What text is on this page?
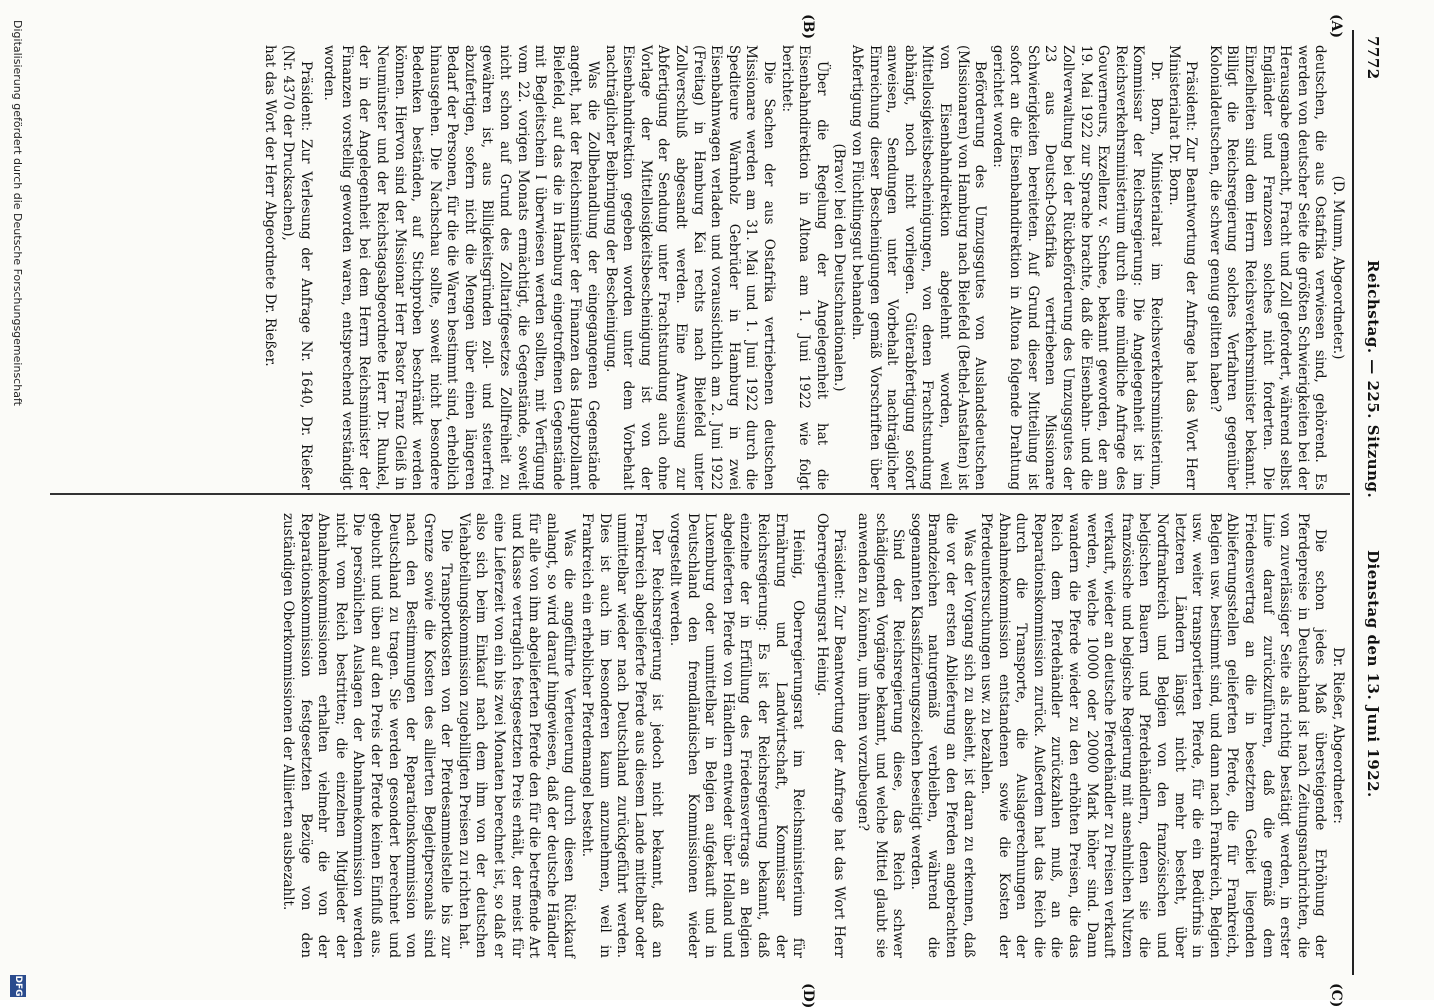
7772
Reichstag. — 225. Sitzung.
Dienstag den 13. Juni 1922.
(A)
(B)
(C)
(D)

(D. Mumm, Abgeordneter.)

deutschen, die aus Ostafrika verwiesen sind, gehörend. Es werden von deutscher Seite die größten Schwierigkeiten bei der Herausgabe gemacht, Fracht und Zoll gefordert, während selbst Engländer und Franzosen solches nicht forderten. Die Einzelheiten sind dem Herrn Reichsverkehrsminister bekannt. Billigt die Reichsregierung solches Verfahren gegenüber Kolonialdeutschen, die schwer genug gelitten haben?

Präsident: Zur Beantwortung der Anfrage hat das Wort Herr Ministerialrat Dr. Born.

Dr. Born, Ministerialrat im Reichsverkehrsministerium, Kommissar der Reichsregierung: Die Angelegenheit ist im Reichsverkehrsministerium durch eine mündliche Anfrage des Gouverneurs, Exzellenz v. Schnee, bekannt geworden, der am 19. Mai 1922 zur Sprache brachte, daß die Eisenbahn- und die Zollverwaltung bei der Rückbeförderung des Umzugsgutes der 23 aus Deutsch-Ostafrika vertriebenen Missionare Schwierigkeiten bereiteten. Auf Grund dieser Mitteilung ist sofort an die Eisenbahndirektion in Altona folgende Drahtung gerichtet worden:

Beförderung des Umzugsgutes von Auslandsdeutschen (Missionaren) von Hamburg nach Bielefeld (Bethel-Anstalten) ist von Eisenbahndirektion abgelehnt worden, weil Mittellosigkeitsbescheinigungen, von denen Frachtstundung abhängt, noch nicht vorliegen. Güterabfertigung sofort anweisen, Sendungen unter Vorbehalt nachträglicher Einreichung dieser Bescheinigungen gemäß Vorschriften über Abfertigung von Flüchtlingsgut behandeln.

(Bravo! bei den Deutschnationalen.)

Über die Regelung der Angelegenheit hat die Eisenbahndirektion in Altona am 1. Juni 1922 wie folgt berichtet:

Die Sachen der aus Ostafrika vertriebenen deutschen Missionare werden am 31. Mai und 1. Juni 1922 durch die Spediteure Warnholz Gebrüder in Hamburg in zwei Eisenbahnwagen verladen und voraussichtlich am 2. Juni 1922 (Freitag) in Hamburg Kai rechts nach Bielefeld unter Zollverschluß abgesandt werden. Eine Anweisung zur Abfertigung der Sendung unter Frachtstundung auch ohne Vorlage der Mittellosigkeitsbescheinigung ist von der Eisenbahndirektion gegeben worden unter dem Vorbehalt nachträglicher Beibringung der Bescheinigung.

Was die Zollbehandlung der eingegangenen Gegenstände angeht, hat der Reichsminister der Finanzen das Hauptzollamt Bielefeld, auf das die in Hamburg eingetroffenen Gegenstände mit Begleitschein I überwiesen werden sollten, mit Verfügung vom 22. vorigen Monats ermächtigt, die Gegenstände, soweit nicht schon auf Grund des Zolltarifgesetzes Zollfreiheit zu gewähren ist, aus Billigkeitsgründen zoll- und steuerfrei abzufertigen, sofern nicht die Mengen über einen längeren Bedarf der Personen, für die die Waren bestimmt sind, erheblich hinausgehen. Die Nachschau sollte, soweit nicht besondere Bedenken beständen, auf Stichproben beschränkt werden können. Hiervon sind der Missionar Herr Pastor Franz Gleiß in Neumünster und der Reichstagsabgeordnete Herr Dr. Runkel, der in der Angelegenheit bei dem Herrn Reichsminister der Finanzen vorstellig geworden waren, entsprechend verständigt worden.

Präsident: Zur Verlesung der Anfrage Nr. 1640, Dr. Rießer (Nr. 4370 der Drucksachen),

hat das Wort der Herr Abgeordnete Dr. Rießer.

Dr. Rießer, Abgeordneter:

Die schon jedes Maß übersteigende Erhöhung der Pferdepreise in Deutschland ist nach Zeitungsnachrichten, die von zuverlässiger Seite als richtig bestätigt werden, in erster Linie darauf zurückzuführen, daß die gemäß dem Friedensvertrag an die in besetztem Gebiet liegenden Ablieferungsstellen gelieferten Pferde, die für Frankreich, Belgien usw. bestimmt sind, und dann nach Frankreich, Belgien usw. weiter transportierten Pferde, für die ein Bedürfnis in letzteren Ländern längst nicht mehr besteht, über Nordfrankreich und Belgien von den französischen und belgischen Bauern und Pferdehändlern, denen sie die französische und belgische Regierung mit ansehnlichen Nutzen verkauft, wieder an deutsche Pferdehändler zu Preisen verkauft werden, welche 10000 oder 20000 Mark höher sind. Dann wandern die Pferde wieder zu den erhöhten Preisen, die das Reich dem Pferdehändler zurückzahlen muß, an die Reparationskommission zurück. Außerdem hat das Reich die durch die Transporte, die Auslagerechnungen der Abnahmekommission entstandenen sowie die Kosten der Pferdeuntersuchungen usw. zu bezahlen.

Was der Vorgang sich zu absieht, ist daran zu erkennen, daß die vor der ersten Ablieferung an den Pferden angebrachten Brandzeichen naturgemäß verbleiben, während die sogenannten Klassifizierungszeichen beseitigt werden.

Sind der Reichsregierung diese, das Reich schwer schädigenden Vorgänge bekannt, und welche Mittel glaubt sie anwenden zu können, um ihnen vorzubeugen?

Präsident: Zur Beantwortung der Anfrage hat das Wort Herr Oberregierungsrat Heinig.

Heinig, Oberregierungsrat im Reichsministerium für Ernährung und Landwirtschaft, Kommissar der Reichsregierung: Es ist der Reichsregierung bekannt, daß einzelne der in Erfüllung des Friedensvertrags an Belgien abgelieferten Pferde von Händlern entweder über Holland und Luxemburg oder unmittelbar in Belgien aufgekauft und in Deutschland den fremdländischen Kommissionen wieder vorgestellt werden.

Der Reichsregierung ist jedoch nicht bekannt, daß an Frankreich abgelieferte Pferde aus diesem Lande mittelbar oder unmittelbar wieder nach Deutschland zurückgeführt werden. Dies ist auch im besonderen kaum anzunehmen, weil in Frankreich ein erheblicher Pferdemangel besteht.

Was die angeführte Verteuerung durch diesen Rückkauf anlangt, so wird darauf hingewiesen, daß der deutsche Händler für alle von ihm abgelieferten Pferde den für die betreffende Art und Klasse vertraglich festgesetzten Preis erhält, der meist für eine Lieferzeit von ein bis zwei Monaten berechnet ist, so daß er also sich beim Einkauf nach dem ihm von der deutschen Viehabteilungskommission zugebilligten Preisen zu richten hat.

Die Transportkosten von der Pferdesammelstelle bis zur Grenze sowie die Kosten des allierten Begleitpersonals sind nach den Bestimmungen der Reparationskommission von Deutschland zu tragen. Sie werden gesondert berechnet und gebucht und üben auf den Preis der Pferde keinen Einfluß aus. Die persönlichen Auslagen der Abnahmekommission werden nicht vom Reich bestritten; die einzelnen Mitglieder der Abnahmekommissionen erhalten vielmehr die von der Reparationskommission festgesetzten Bezüge von den zuständigen Oberkommissionen der Alliierten ausbezahlt.

Digitalisierung gefördert durch die Deutsche Forschungsgemeinschaft
DFG
